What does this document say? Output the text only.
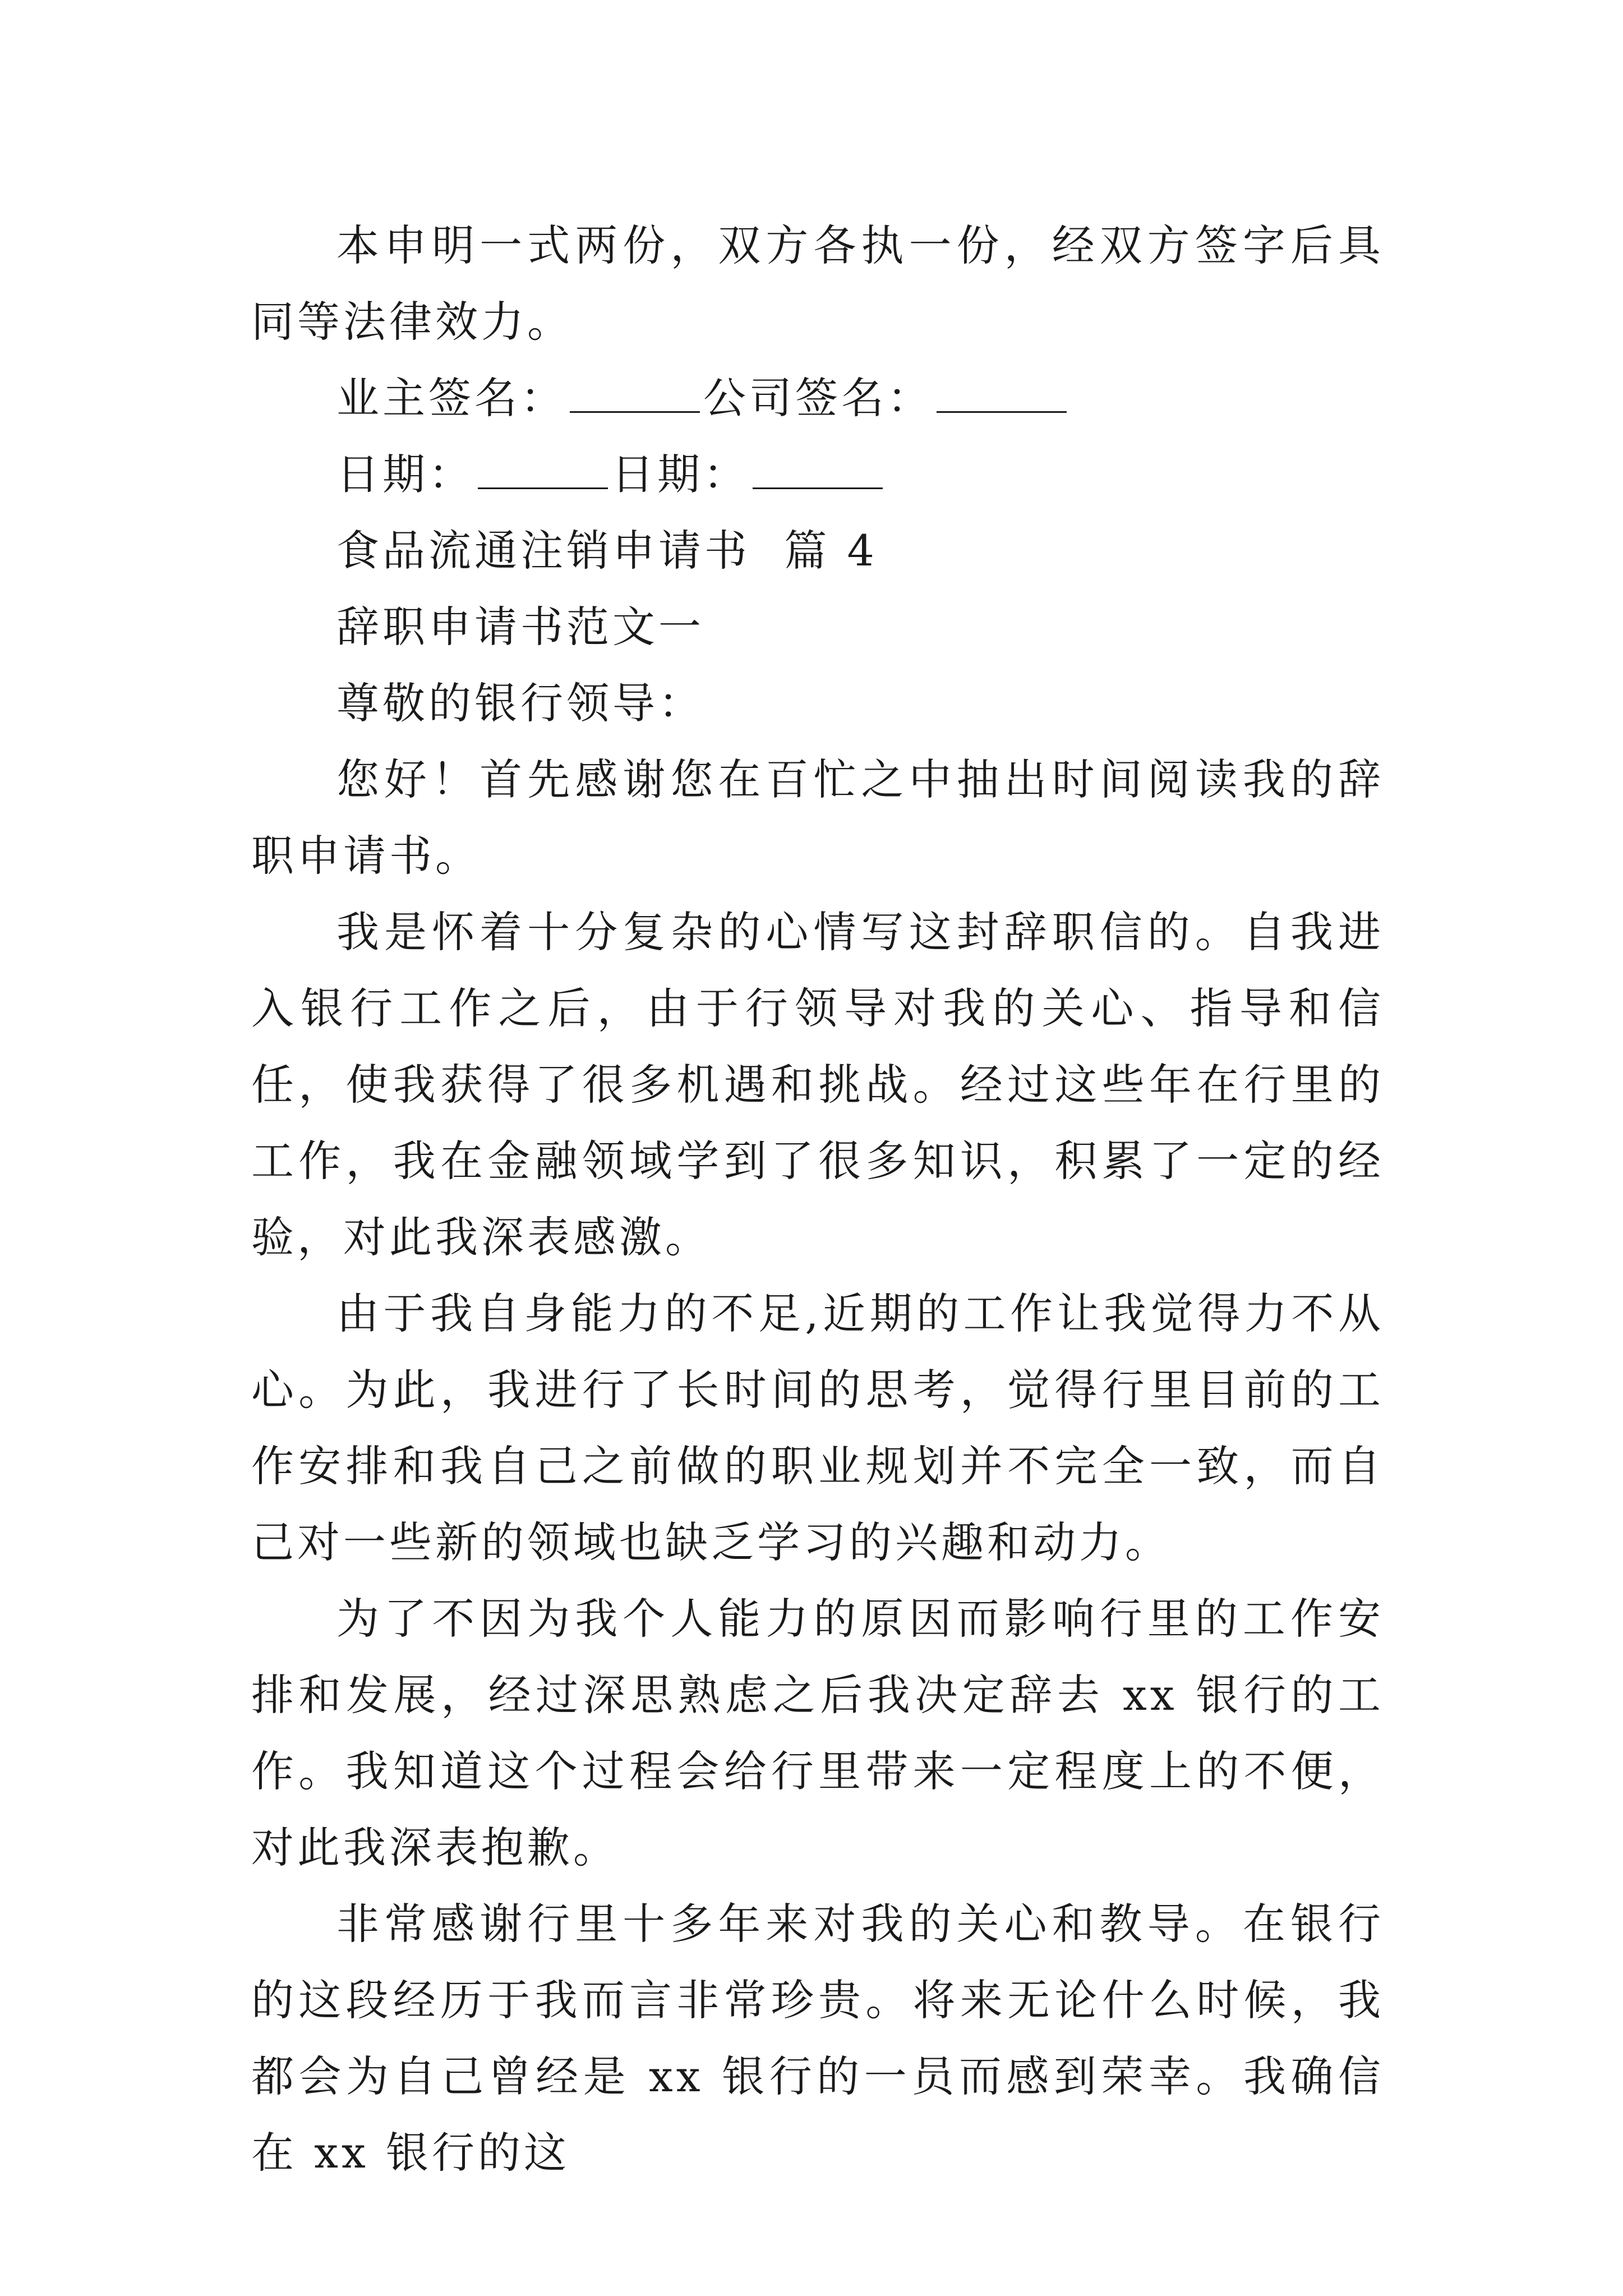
本申明一式两份，双方各执一份，经双方签字后具同等法律效力。

业主签名：	公司签名：

日期：	日期：

食品流通注销申请书  篇 4

辞职申请书范文一

尊敬的银行领导：

您好！首先感谢您在百忙之中抽出时间阅读我的辞职申请书。

我是怀着十分复杂的心情写这封辞职信的。自我进入银行工作之后，由于行领导对我的关心、指导和信任，使我获得了很多机遇和挑战。经过这些年在行里的工作，我在金融领域学到了很多知识，积累了一定的经验，对此我深表感激。

由于我自身能力的不足,近期的工作让我觉得力不从心。为此，我进行了长时间的思考，觉得行里目前的工作安排和我自己之前做的职业规划并不完全一致，而自己对一些新的领域也缺乏学习的兴趣和动力。

为了不因为我个人能力的原因而影响行里的工作安排和发展，经过深思熟虑之后我决定辞去 xx 银行的工作。我知道这个过程会给行里带来一定程度上的不便，对此我深表抱歉。

非常感谢行里十多年来对我的关心和教导。在银行的这段经历于我而言非常珍贵。将来无论什么时候，我都会为自己曾经是 xx 银行的一员而感到荣幸。我确信在 xx 银行的这
